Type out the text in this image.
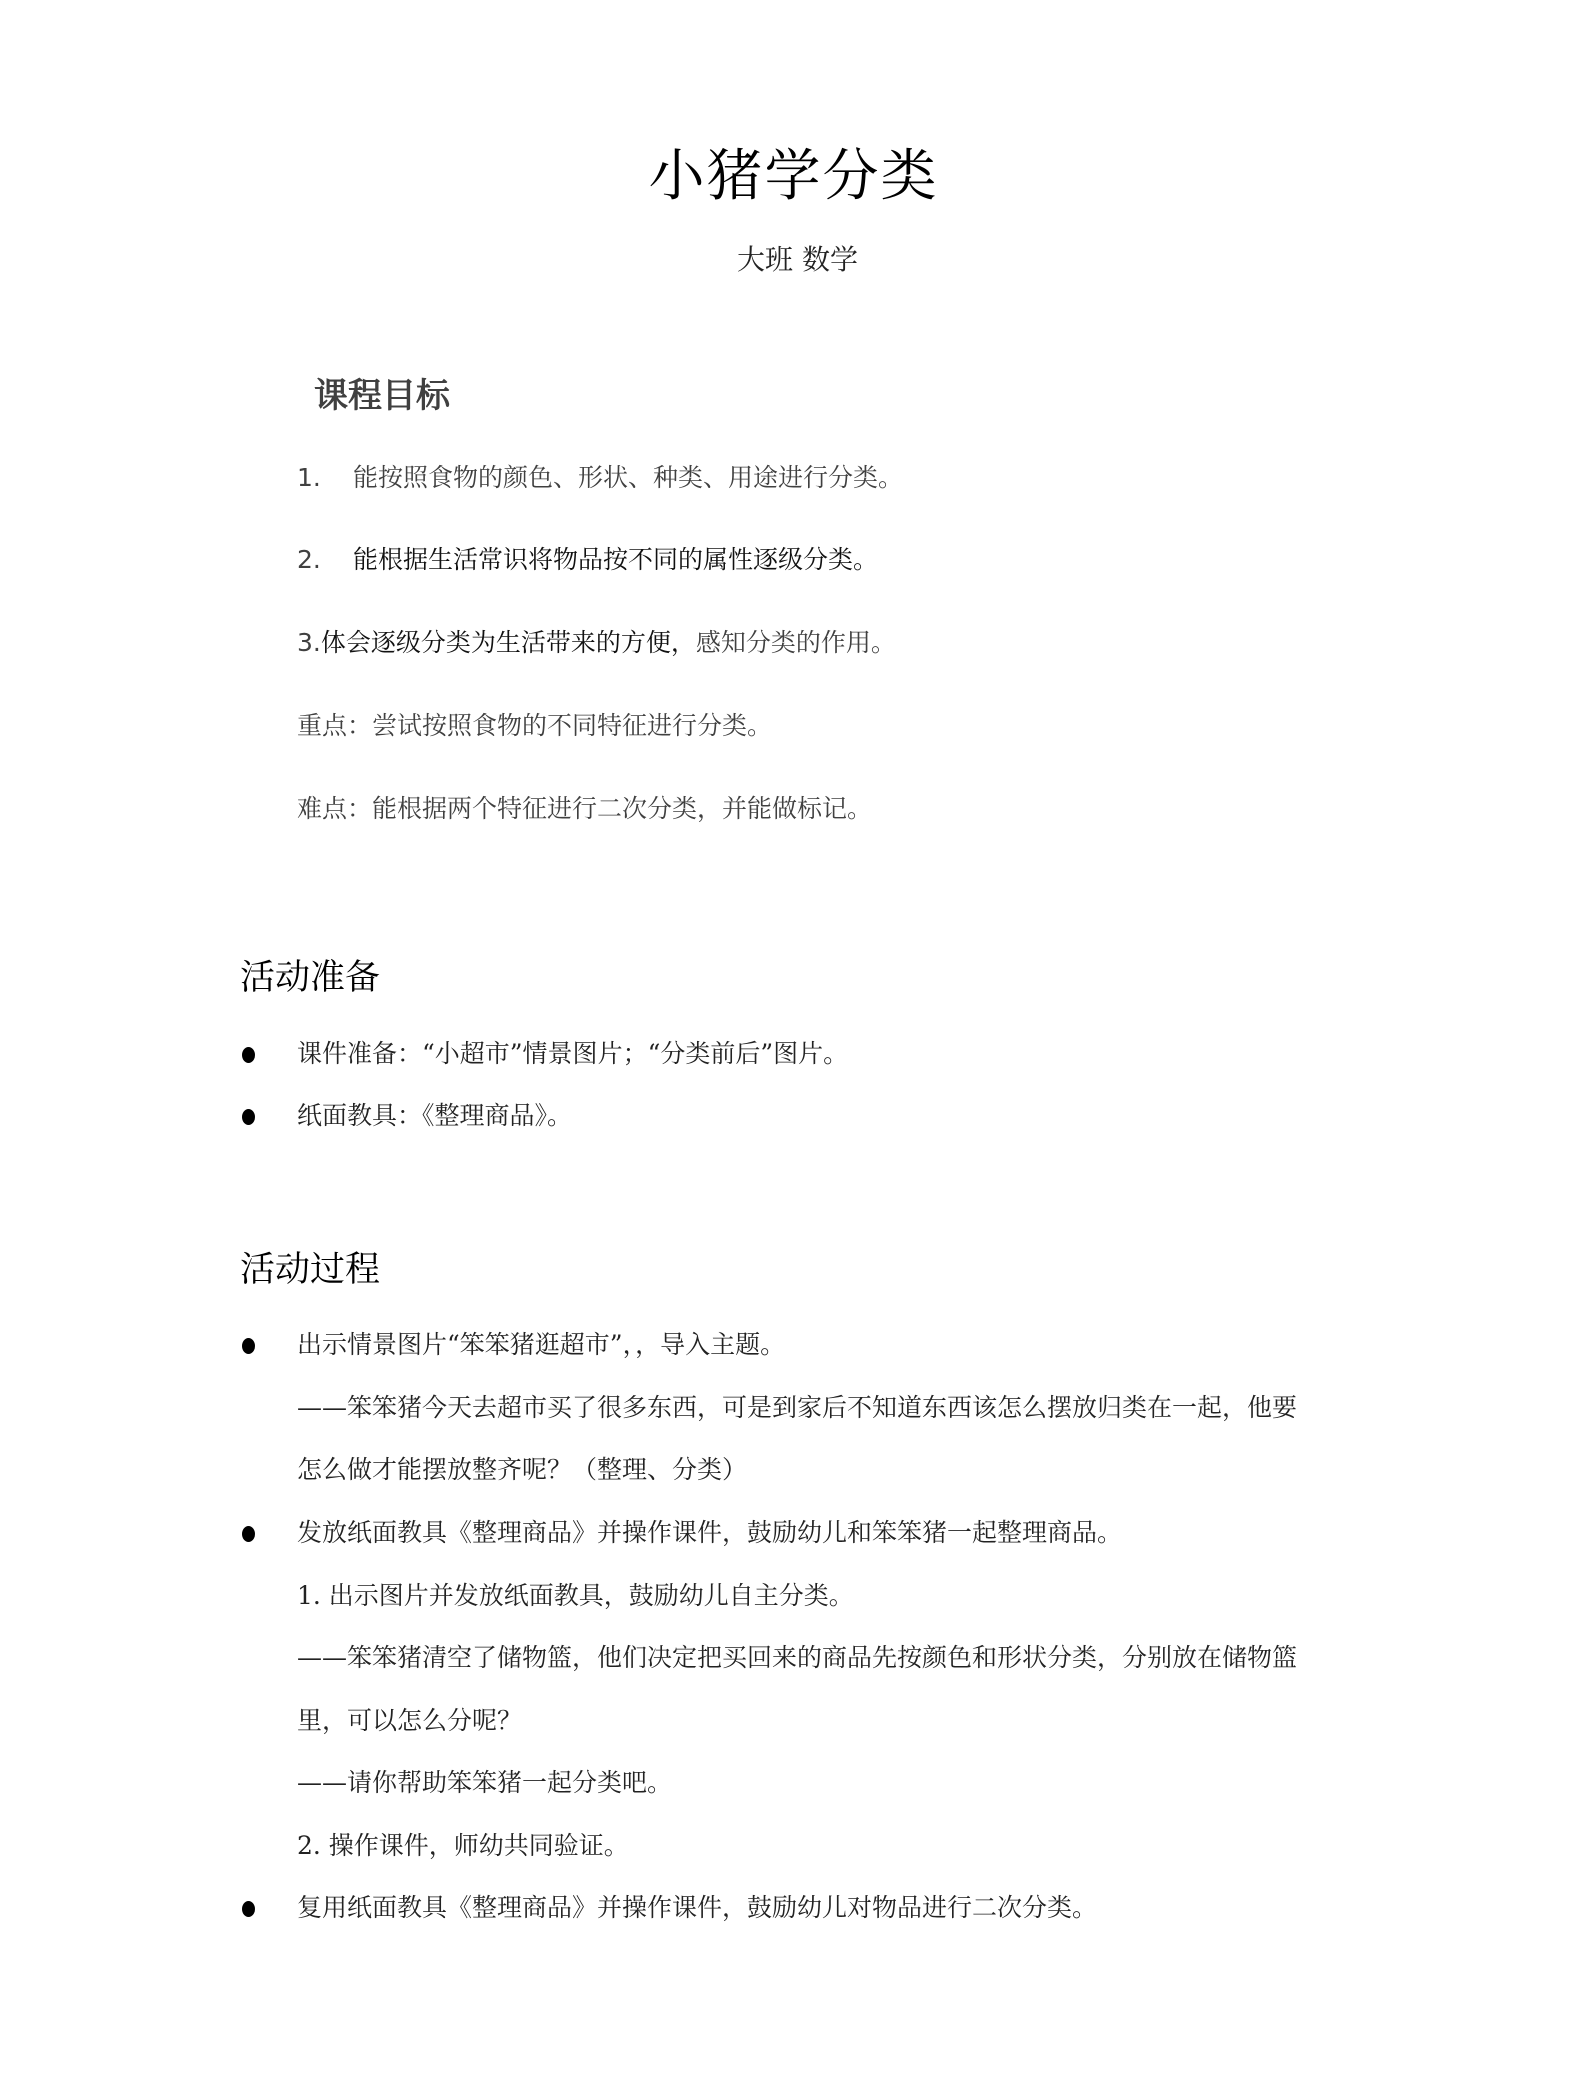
小猪学分类
大班 数学
课程目标
1. 能按照食物的颜色、形状、种类、用途进行分类。
2. 能根据生活常识将物品按不同的属性逐级分类。
3.体会逐级分类为生活带来的方便，感知分类的作用。
重点：尝试按照食物的不同特征进行分类。
难点：能根据两个特征进行二次分类，并能做标记。
活动准备
课件准备：“小超市”情景图片；“分类前后”图片。
纸面教具：《整理商品》。
活动过程
出示情景图片“笨笨猪逛超市”，，导入主题。
——笨笨猪今天去超市买了很多东西，可是到家后不知道东西该怎么摆放归类在一起，他要
怎么做才能摆放整齐呢？（整理、分类）
发放纸面教具《整理商品》并操作课件，鼓励幼儿和笨笨猪一起整理商品。
1. 出示图片并发放纸面教具，鼓励幼儿自主分类。
——笨笨猪清空了储物篮，他们决定把买回来的商品先按颜色和形状分类，分别放在储物篮
里，可以怎么分呢？
——请你帮助笨笨猪一起分类吧。
2. 操作课件，师幼共同验证。
复用纸面教具《整理商品》并操作课件，鼓励幼儿对物品进行二次分类。
